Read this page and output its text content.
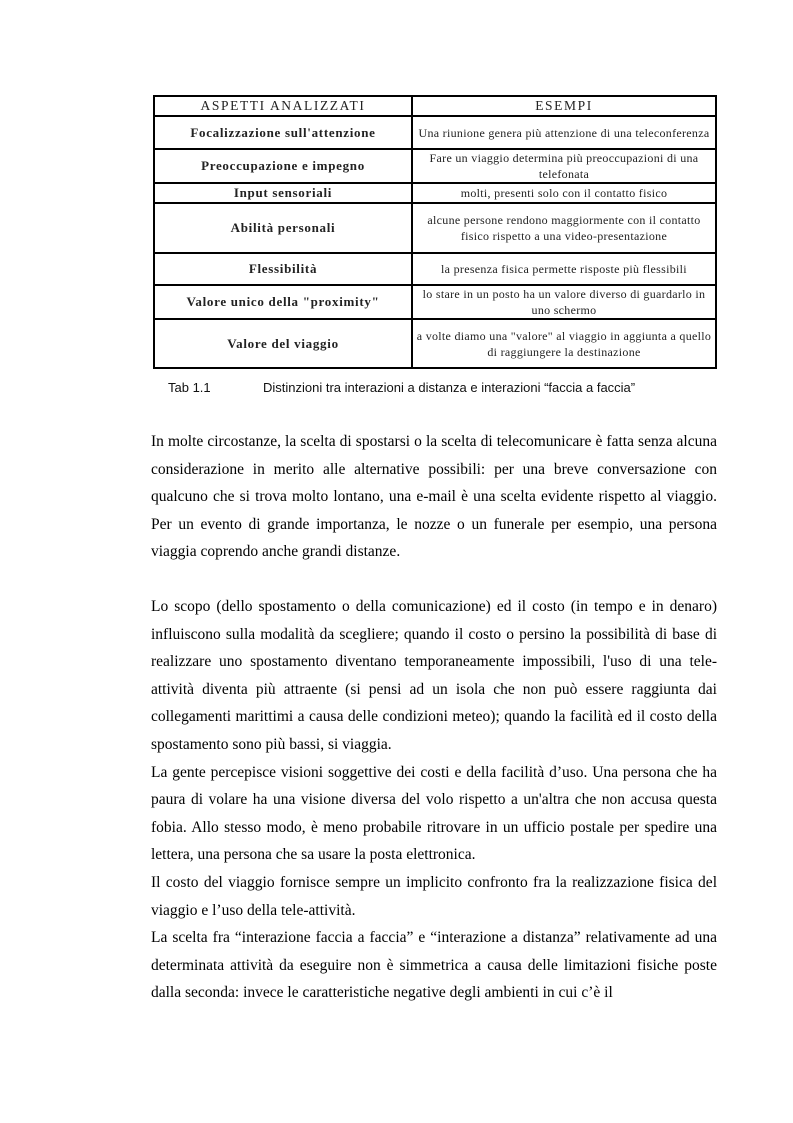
ASPETTI ANALIZZATI	ESEMPI
Focalizzazione sull'attenzione	Una riunione genera più attenzione di una teleconferenza
Preoccupazione e impegno	Fare un viaggio determina più preoccupazioni di una telefonata
Input sensoriali	molti, presenti solo con il contatto fisico
Abilità personali	alcune persone rendono maggiormente con il contatto fisico rispetto a una video-presentazione
Flessibilità	la presenza fisica permette risposte più flessibili
Valore unico della "proximity"	lo stare in un posto ha un valore diverso di guardarlo in uno schermo
Valore del viaggio	a volte diamo una "valore" al viaggio in aggiunta a quello di raggiungere la destinazione
Tab 1.1	Distinzioni tra interazioni a distanza e interazioni “faccia a faccia”

In molte circostanze, la scelta di spostarsi o la scelta di telecomunicare è fatta senza alcuna considerazione in merito alle alternative possibili: per una breve conversazione con qualcuno che si trova molto lontano, una e-mail è una scelta evidente rispetto al viaggio. Per un evento di grande importanza, le nozze o un funerale per esempio, una persona viaggia coprendo anche grandi distanze.

Lo scopo (dello spostamento o della comunicazione) ed il costo (in tempo e in denaro) influiscono sulla modalità da scegliere; quando il costo o persino la possibilità di base di realizzare uno spostamento diventano temporaneamente impossibili, l'uso di una tele-attività diventa più attraente (si pensi ad un isola che non può essere raggiunta dai collegamenti marittimi a causa delle condizioni meteo); quando la facilità ed il costo della spostamento sono più bassi, si viaggia.

La gente percepisce visioni soggettive dei costi e della facilità d’uso. Una persona che ha paura di volare ha una visione diversa del volo rispetto a un'altra che non accusa questa fobia. Allo stesso modo, è meno probabile ritrovare in un ufficio postale per spedire una lettera, una persona che sa usare la posta elettronica.

Il costo del viaggio fornisce sempre un implicito confronto fra la realizzazione fisica del viaggio e l’uso della tele-attività.

La scelta fra “interazione faccia a faccia” e “interazione a distanza” relativamente ad una determinata attività da eseguire non è simmetrica a causa delle limitazioni fisiche poste dalla seconda: invece le caratteristiche negative degli ambienti in cui c’è il
